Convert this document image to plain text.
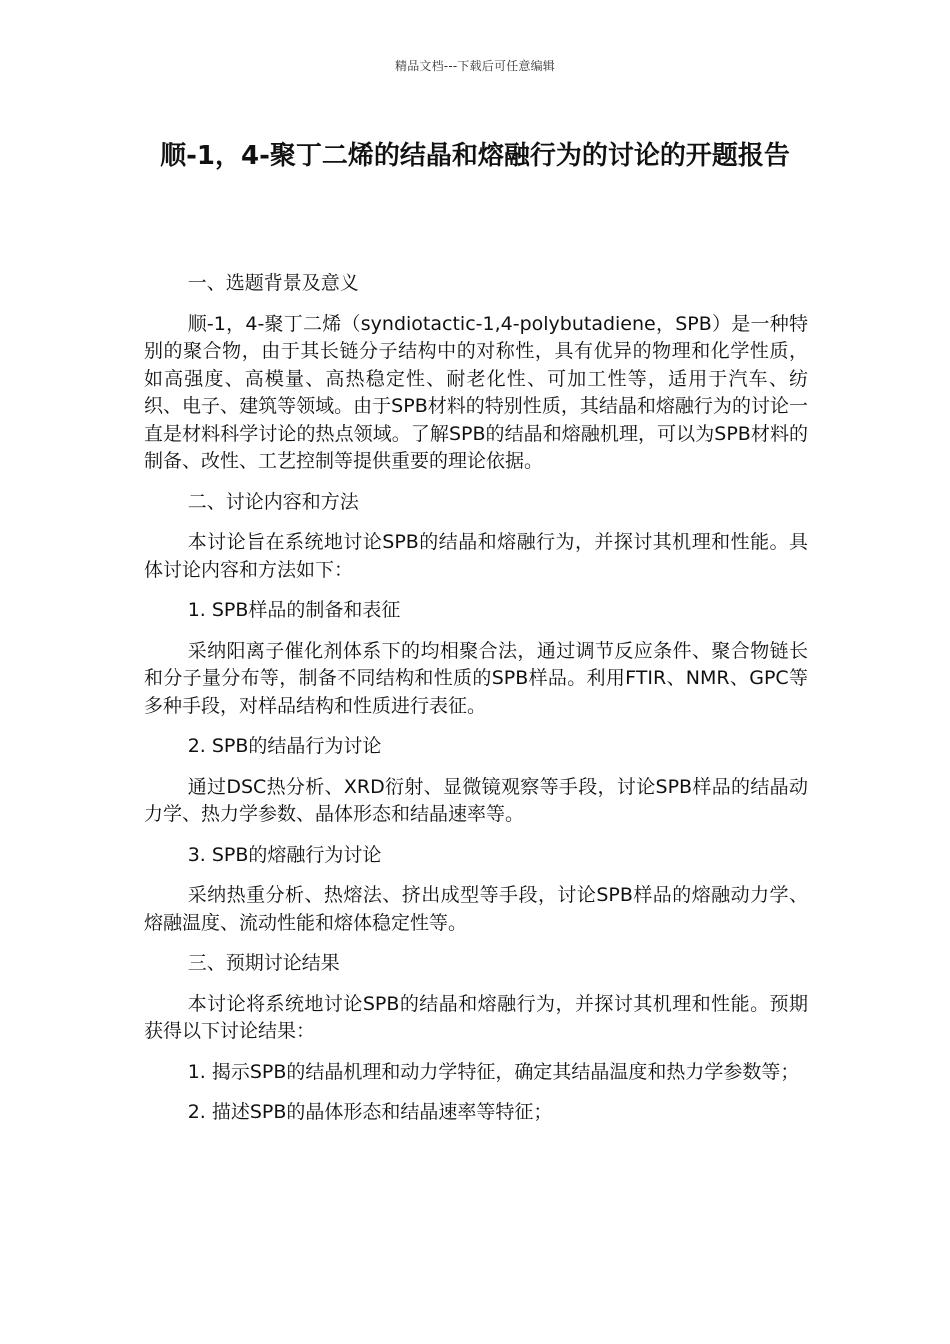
精品文档---下载后可任意编辑
顺-1，4-聚丁二烯的结晶和熔融行为的讨论的开题报告

一、选题背景及意义

顺-1，4-聚丁二烯（syndiotactic-1,4-polybutadiene，SPB）是一种特别的聚合物，由于其长链分子结构中的对称性，具有优异的物理和化学性质，如高强度、高模量、高热稳定性、耐老化性、可加工性等，适用于汽车、纺织、电子、建筑等领域。由于SPB材料的特别性质，其结晶和熔融行为的讨论一直是材料科学讨论的热点领域。了解SPB的结晶和熔融机理，可以为SPB材料的制备、改性、工艺控制等提供重要的理论依据。

二、讨论内容和方法

本讨论旨在系统地讨论SPB的结晶和熔融行为，并探讨其机理和性能。具体讨论内容和方法如下：

1. SPB样品的制备和表征

采纳阳离子催化剂体系下的均相聚合法，通过调节反应条件、聚合物链长和分子量分布等，制备不同结构和性质的SPB样品。利用FTIR、NMR、GPC等多种手段，对样品结构和性质进行表征。

2. SPB的结晶行为讨论

通过DSC热分析、XRD衍射、显微镜观察等手段，讨论SPB样品的结晶动力学、热力学参数、晶体形态和结晶速率等。

3. SPB的熔融行为讨论

采纳热重分析、热熔法、挤出成型等手段，讨论SPB样品的熔融动力学、熔融温度、流动性能和熔体稳定性等。

三、预期讨论结果

本讨论将系统地讨论SPB的结晶和熔融行为，并探讨其机理和性能。预期获得以下讨论结果：

1. 揭示SPB的结晶机理和动力学特征，确定其结晶温度和热力学参数等；

2. 描述SPB的晶体形态和结晶速率等特征；
